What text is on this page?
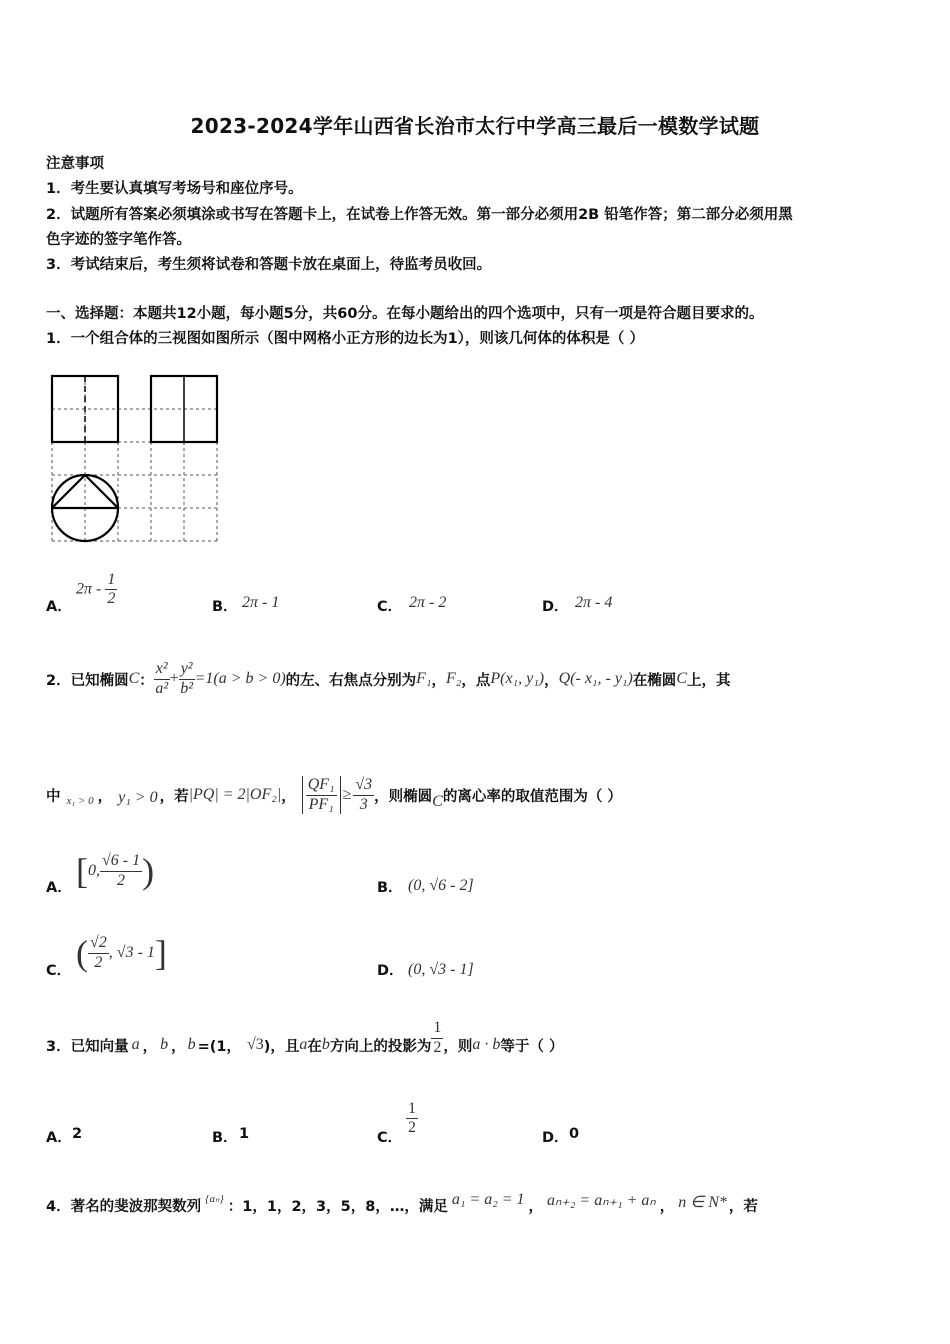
2023-2024学年山西省长治市太行中学高三最后一模数学试题
注意事项
1．考生要认真填写考场号和座位序号。
2．试题所有答案必须填涂或书写在答题卡上，在试卷上作答无效。第一部分必须用2B 铅笔作答；第二部分必须用黑
色字迹的签字笔作答。
3．考试结束后，考生须将试卷和答题卡放在桌面上，待监考员收回。
一、选择题：本题共12小题，每小题5分，共60分。在每小题给出的四个选项中，只有一项是符合题目要求的。
1．一个组合体的三视图如图所示（图中网格小正方形的边长为1），则该几何体的体积是（ ）
A．
$2\pi - \frac{1}{2}$	B． 2π - 1	C． 2π - 2	D． 2π - 4
2．已知椭圆 C ： $\frac{\text{x²}}{\text{a²}} + \frac{\text{y²}}{\text{b²}} =1(a > b > 0)$ 的左、右焦点分别为 F₁ ， F₂ ，点 P(x₁, y₁) ， Q(- x₁, - y₁) 在椭圆 C 上，其
中 x₁ > 0 ， y₁ > 0 ，若 |PQ| = 2|OF₂| ， $\frac{\text{QF₁}}{\text{PF₁}} \ge \frac{√3}{3}$ ，则椭圆 C 的离心率的取值范围为（ ）
A． [ 0, $\frac{√6 - 1}{2}$ )	B． (0, √6 - 2]
C． ( $\frac{√2}{2}$ , √3 - 1 ]	D． (0, √3 - 1]
3．已知向量 a ， b ， b =(1， √3 )，且 a 在 b 方向上的投影为 $\frac{1}{2}$ ，则 a · b 等于（ ）
A． 2	B． 1	C．
$\frac{1}{2}$
D． 0
4．著名的斐波那契数列 {aₙ} ：1，1，2，3，5，8，…，满足 a₁ = a₂ = 1 ， aₙ₊₂ = aₙ₊₁ + aₙ ， n ∈ N* ，若
